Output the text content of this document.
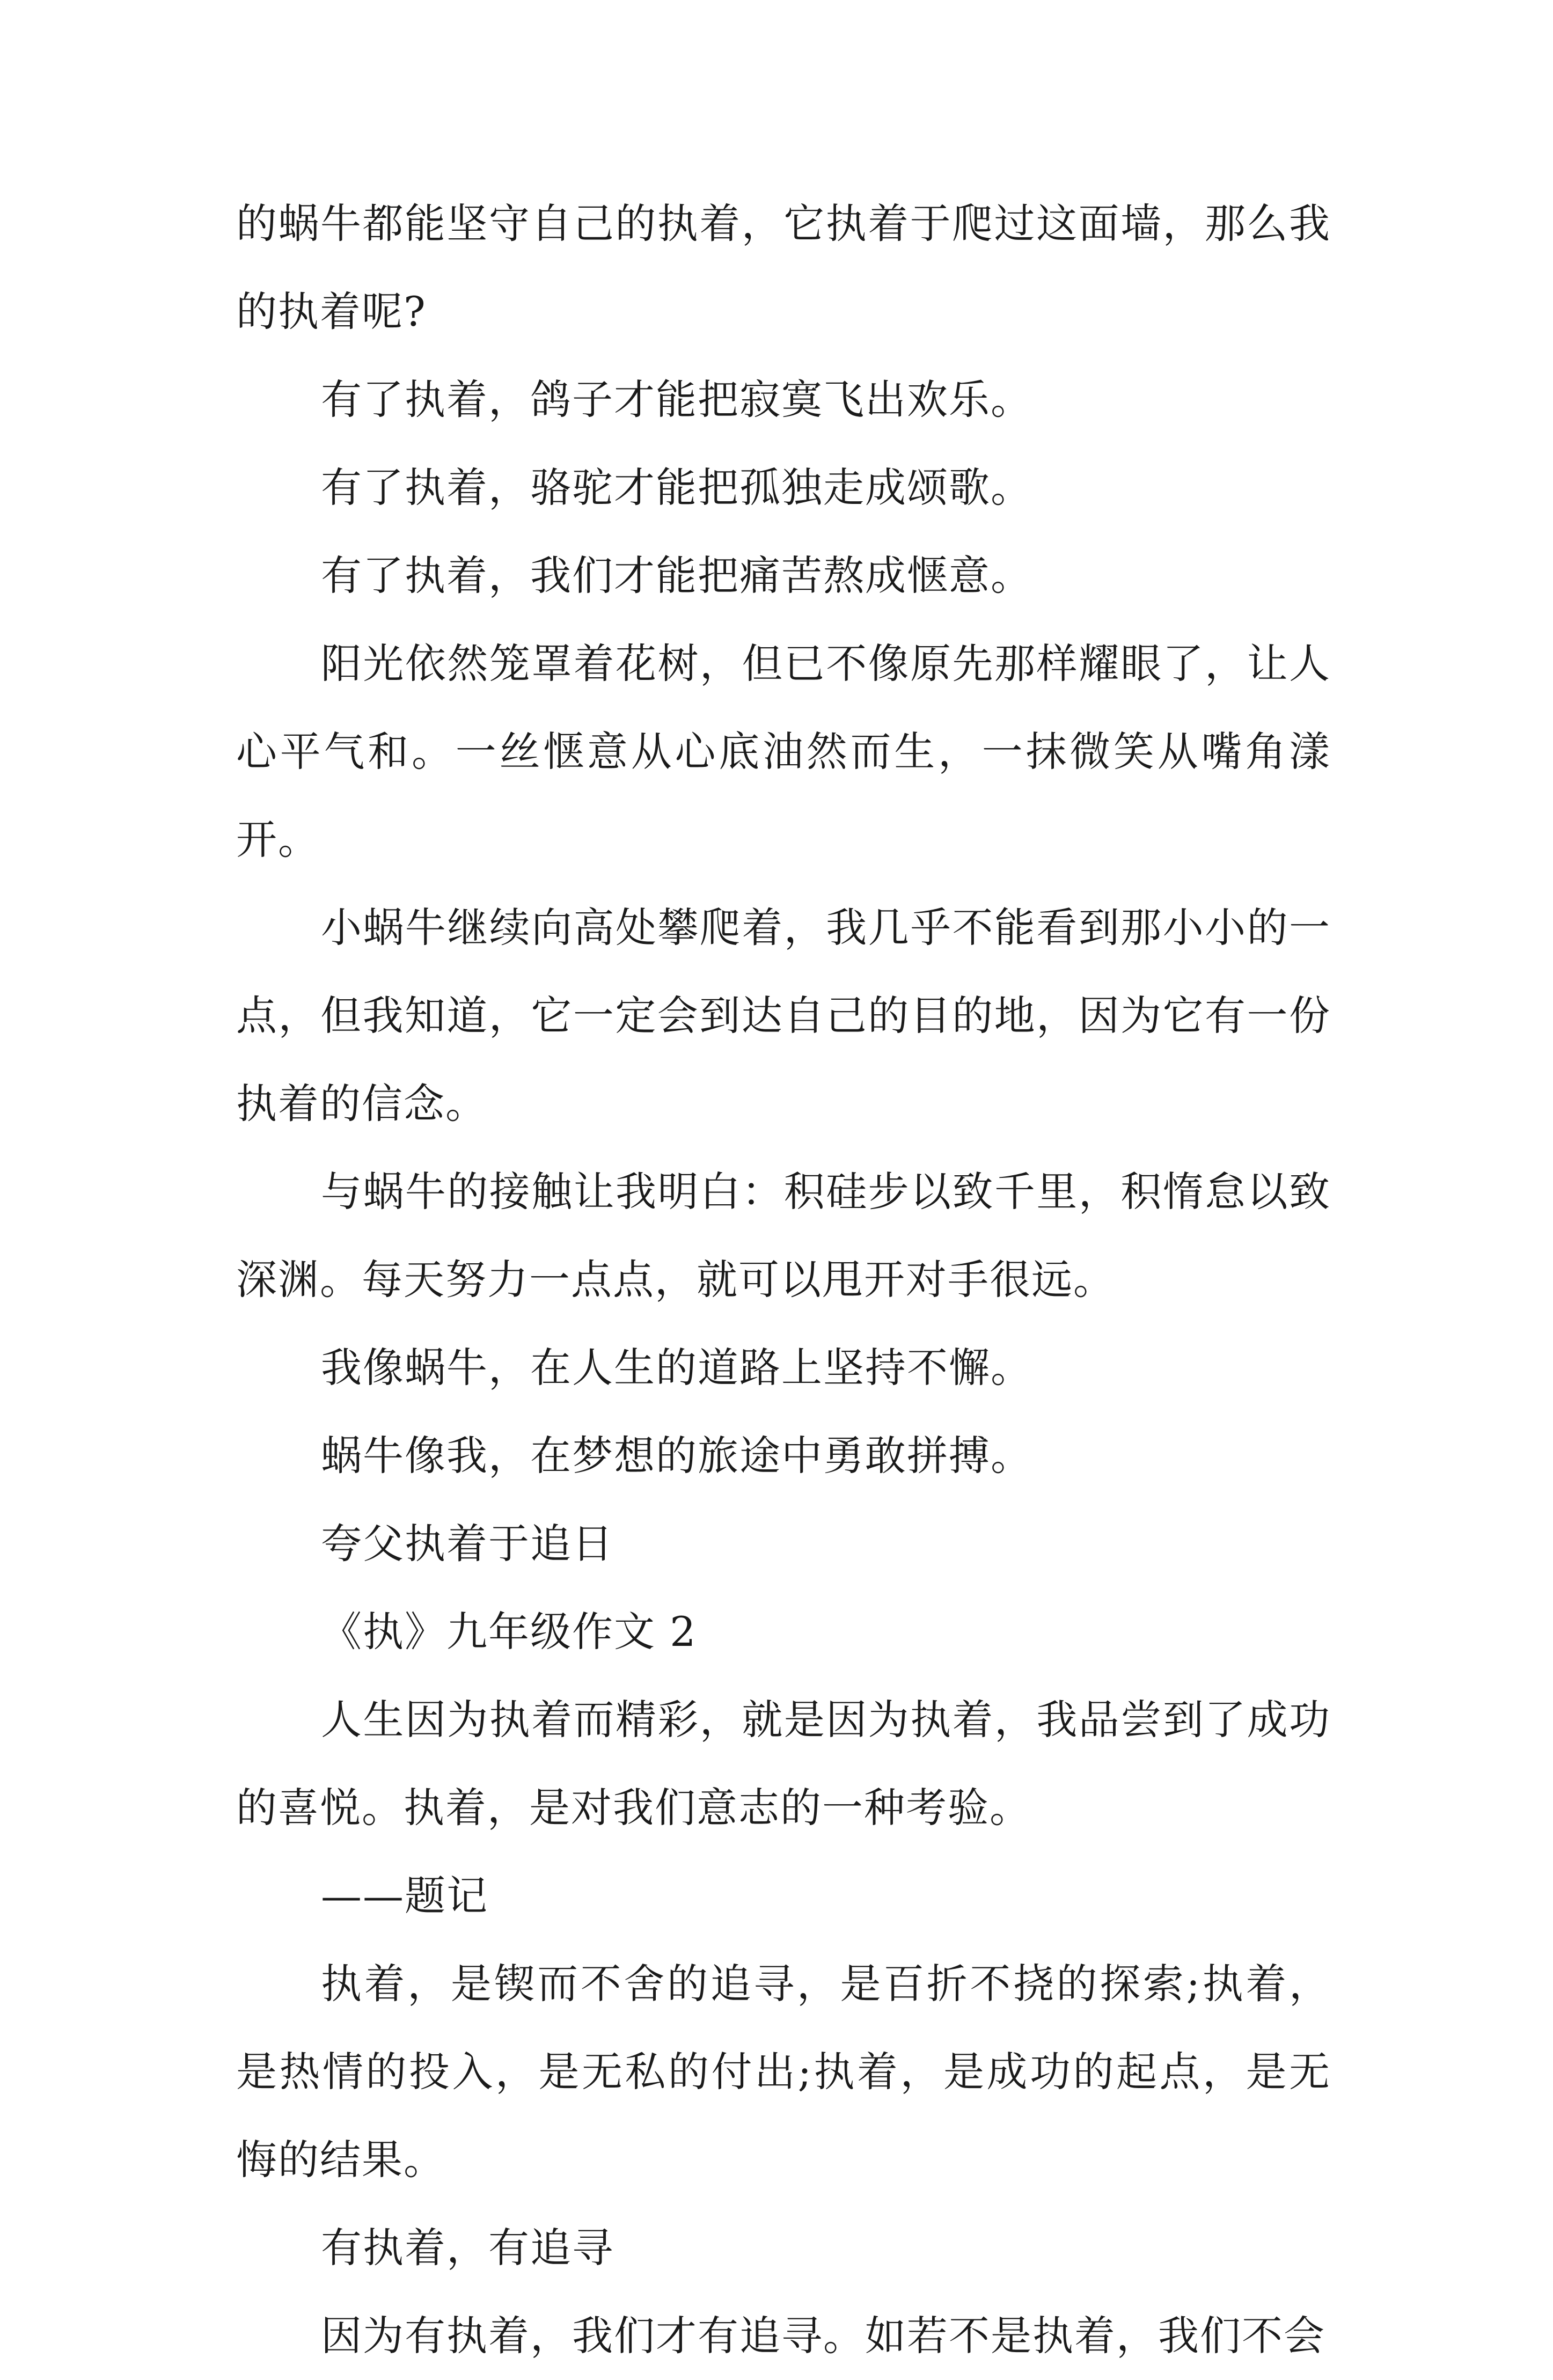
的蜗牛都能坚守自己的执着，它执着于爬过这面墙，那么我的执着呢?

有了执着，鸽子才能把寂寞飞出欢乐。

有了执着，骆驼才能把孤独走成颂歌。

有了执着，我们才能把痛苦熬成惬意。

阳光依然笼罩着花树，但已不像原先那样耀眼了，让人心平气和。一丝惬意从心底油然而生，一抹微笑从嘴角漾开。

小蜗牛继续向高处攀爬着，我几乎不能看到那小小的一点，但我知道，它一定会到达自己的目的地，因为它有一份执着的信念。

与蜗牛的接触让我明白：积硅步以致千里，积惰怠以致深渊。每天努力一点点，就可以甩开对手很远。

我像蜗牛，在人生的道路上坚持不懈。

蜗牛像我，在梦想的旅途中勇敢拼搏。

夸父执着于追日

《执》九年级作文 2

人生因为执着而精彩，就是因为执着，我品尝到了成功的喜悦。执着，是对我们意志的一种考验。

——题记

执着，是锲而不舍的追寻，是百折不挠的探索;执着，是热情的投入，是无私的付出;执着，是成功的起点，是无悔的结果。

有执着，有追寻

因为有执着，我们才有追寻。如若不是执着，我们不会
